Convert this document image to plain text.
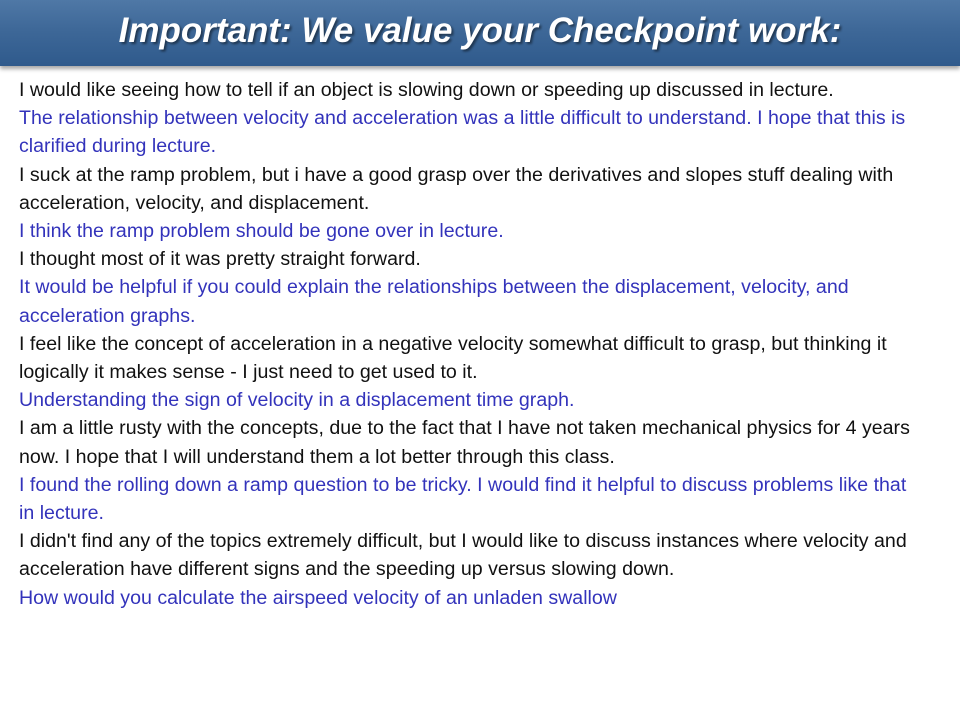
Important: We value your Checkpoint work:
I would like seeing how to tell if an object is slowing down or speeding up discussed in lecture.
The relationship between velocity and acceleration was a little difficult to understand. I hope that this is clarified during lecture.
I suck at the ramp problem, but i have a good grasp over the derivatives and slopes stuff dealing with acceleration, velocity, and displacement.
I think the ramp problem should be gone over in lecture.
I thought most of it was pretty straight forward.
It would be helpful if you could explain the relationships between the displacement, velocity, and acceleration graphs.
I feel like the concept of acceleration in a negative velocity somewhat difficult to grasp, but thinking it logically it makes sense - I just need to get used to it.
Understanding the sign of velocity in a displacement time graph.
I am a little rusty with the concepts, due to the fact that I have not taken mechanical physics for 4 years now. I hope that I will understand them a lot better through this class.
I found the rolling down a ramp question to be tricky. I would find it helpful to discuss problems like that in lecture.
I didn't find any of the topics extremely difficult, but I would like to discuss instances where velocity and acceleration have different signs and the speeding up versus slowing down.
How would you calculate the airspeed velocity of an unladen swallow
